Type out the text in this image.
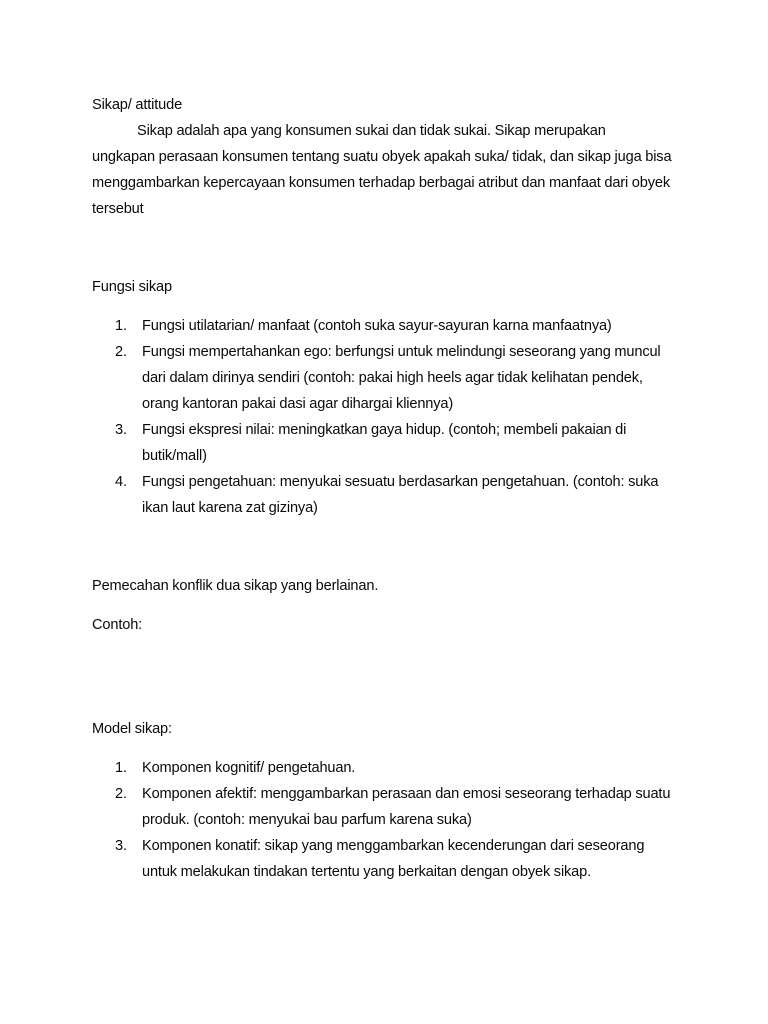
Sikap/ attitude

Sikap adalah apa yang konsumen sukai dan tidak sukai. Sikap merupakan ungkapan perasaan konsumen tentang suatu obyek apakah suka/ tidak, dan sikap juga bisa menggambarkan kepercayaan konsumen terhadap berbagai atribut dan manfaat dari obyek tersebut

Fungsi sikap

Fungsi utilatarian/ manfaat (contoh suka sayur-sayuran karna manfaatnya)
Fungsi mempertahankan ego: berfungsi untuk melindungi seseorang yang muncul dari dalam dirinya sendiri (contoh: pakai high heels agar tidak kelihatan pendek, orang kantoran pakai dasi agar dihargai kliennya)
Fungsi ekspresi nilai: meningkatkan gaya hidup. (contoh; membeli pakaian di butik/mall)
Fungsi pengetahuan: menyukai sesuatu berdasarkan pengetahuan. (contoh: suka ikan laut karena zat gizinya)

Pemecahan konflik dua sikap yang berlainan.

Contoh:

Model sikap:

Komponen kognitif/ pengetahuan.
Komponen afektif: menggambarkan perasaan dan emosi seseorang terhadap suatu produk. (contoh: menyukai bau parfum karena suka)
Komponen konatif: sikap yang menggambarkan kecenderungan dari seseorang untuk melakukan tindakan tertentu yang berkaitan dengan obyek sikap.
